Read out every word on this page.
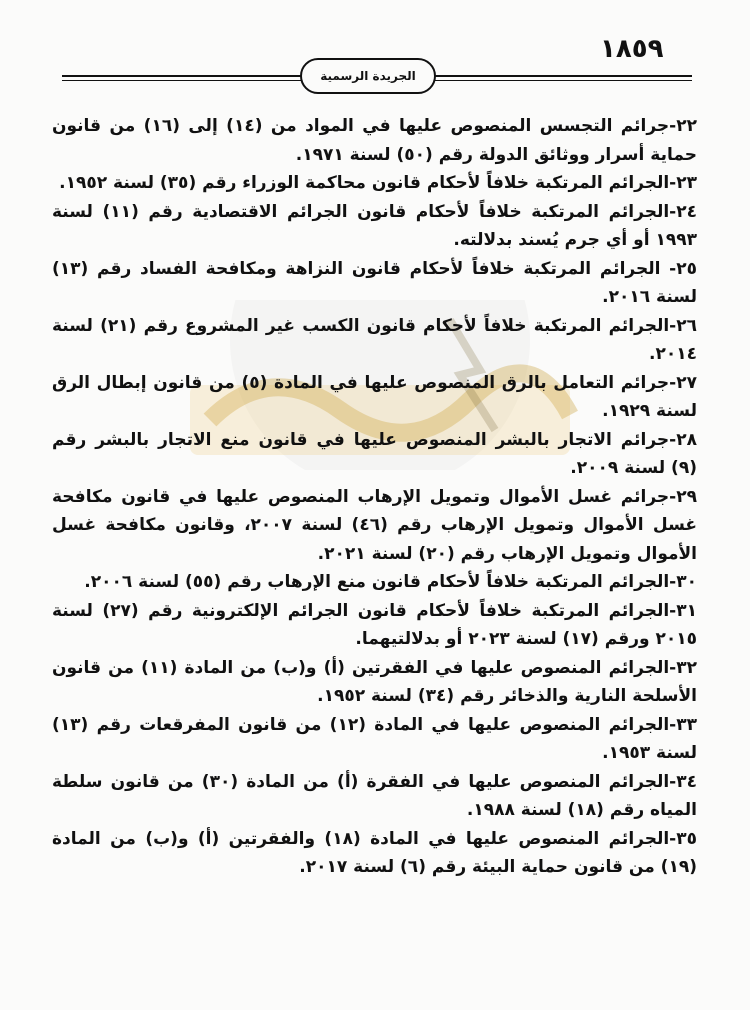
١٨٥٩
الجريدة الرسمية

٢٢-جرائم التجسس المنصوص عليها في المواد من (١٤) إلى (١٦) من قانون حماية أسرار ووثائق الدولة رقم (٥٠) لسنة ١٩٧١.

٢٣-الجرائم المرتكبة خلافاً لأحكام قانون محاكمة الوزراء رقم (٣٥) لسنة ١٩٥٢.

٢٤-الجرائم المرتكبة خلافاً لأحكام قانون الجرائم الاقتصادية رقم (١١) لسنة ١٩٩٣ أو أي جرم يُسند بدلالته.

٢٥- الجرائم المرتكبة خلافاً لأحكام قانون النزاهة ومكافحة الفساد رقم (١٣) لسنة ٢٠١٦.

٢٦-الجرائم المرتكبة خلافاً لأحكام قانون الكسب غير المشروع رقم (٢١) لسنة ٢٠١٤.

٢٧-جرائم التعامل بالرق المنصوص عليها في المادة (٥) من قانون إبطال الرق لسنة ١٩٢٩.

٢٨-جرائم الاتجار بالبشر المنصوص عليها في قانون منع الاتجار بالبشر رقم (٩) لسنة ٢٠٠٩.

٢٩-جرائم غسل الأموال وتمويل الإرهاب المنصوص عليها في قانون مكافحة غسل الأموال وتمويل الإرهاب رقم (٤٦) لسنة ٢٠٠٧، وقانون مكافحة غسل الأموال وتمويل الإرهاب رقم (٢٠) لسنة ٢٠٢١.

٣٠-الجرائم المرتكبة خلافاً لأحكام قانون منع الإرهاب رقم (٥٥) لسنة ٢٠٠٦.

٣١-الجرائم المرتكبة خلافاً لأحكام قانون الجرائم الإلكترونية رقم (٢٧) لسنة ٢٠١٥ ورقم (١٧) لسنة ٢٠٢٣ أو بدلالتيهما.

٣٢-الجرائم المنصوص عليها في الفقرتين (أ) و(ب) من المادة (١١) من قانون الأسلحة النارية والذخائر رقم (٣٤) لسنة ١٩٥٢.

٣٣-الجرائم المنصوص عليها في المادة (١٢) من قانون المفرقعات رقم (١٣) لسنة ١٩٥٣.

٣٤-الجرائم المنصوص عليها في الفقرة (أ) من المادة (٣٠) من قانون سلطة المياه رقم (١٨) لسنة ١٩٨٨.

٣٥-الجرائم المنصوص عليها في المادة (١٨) والفقرتين (أ) و(ب) من المادة (١٩) من قانون حماية البيئة رقم (٦) لسنة ٢٠١٧.
